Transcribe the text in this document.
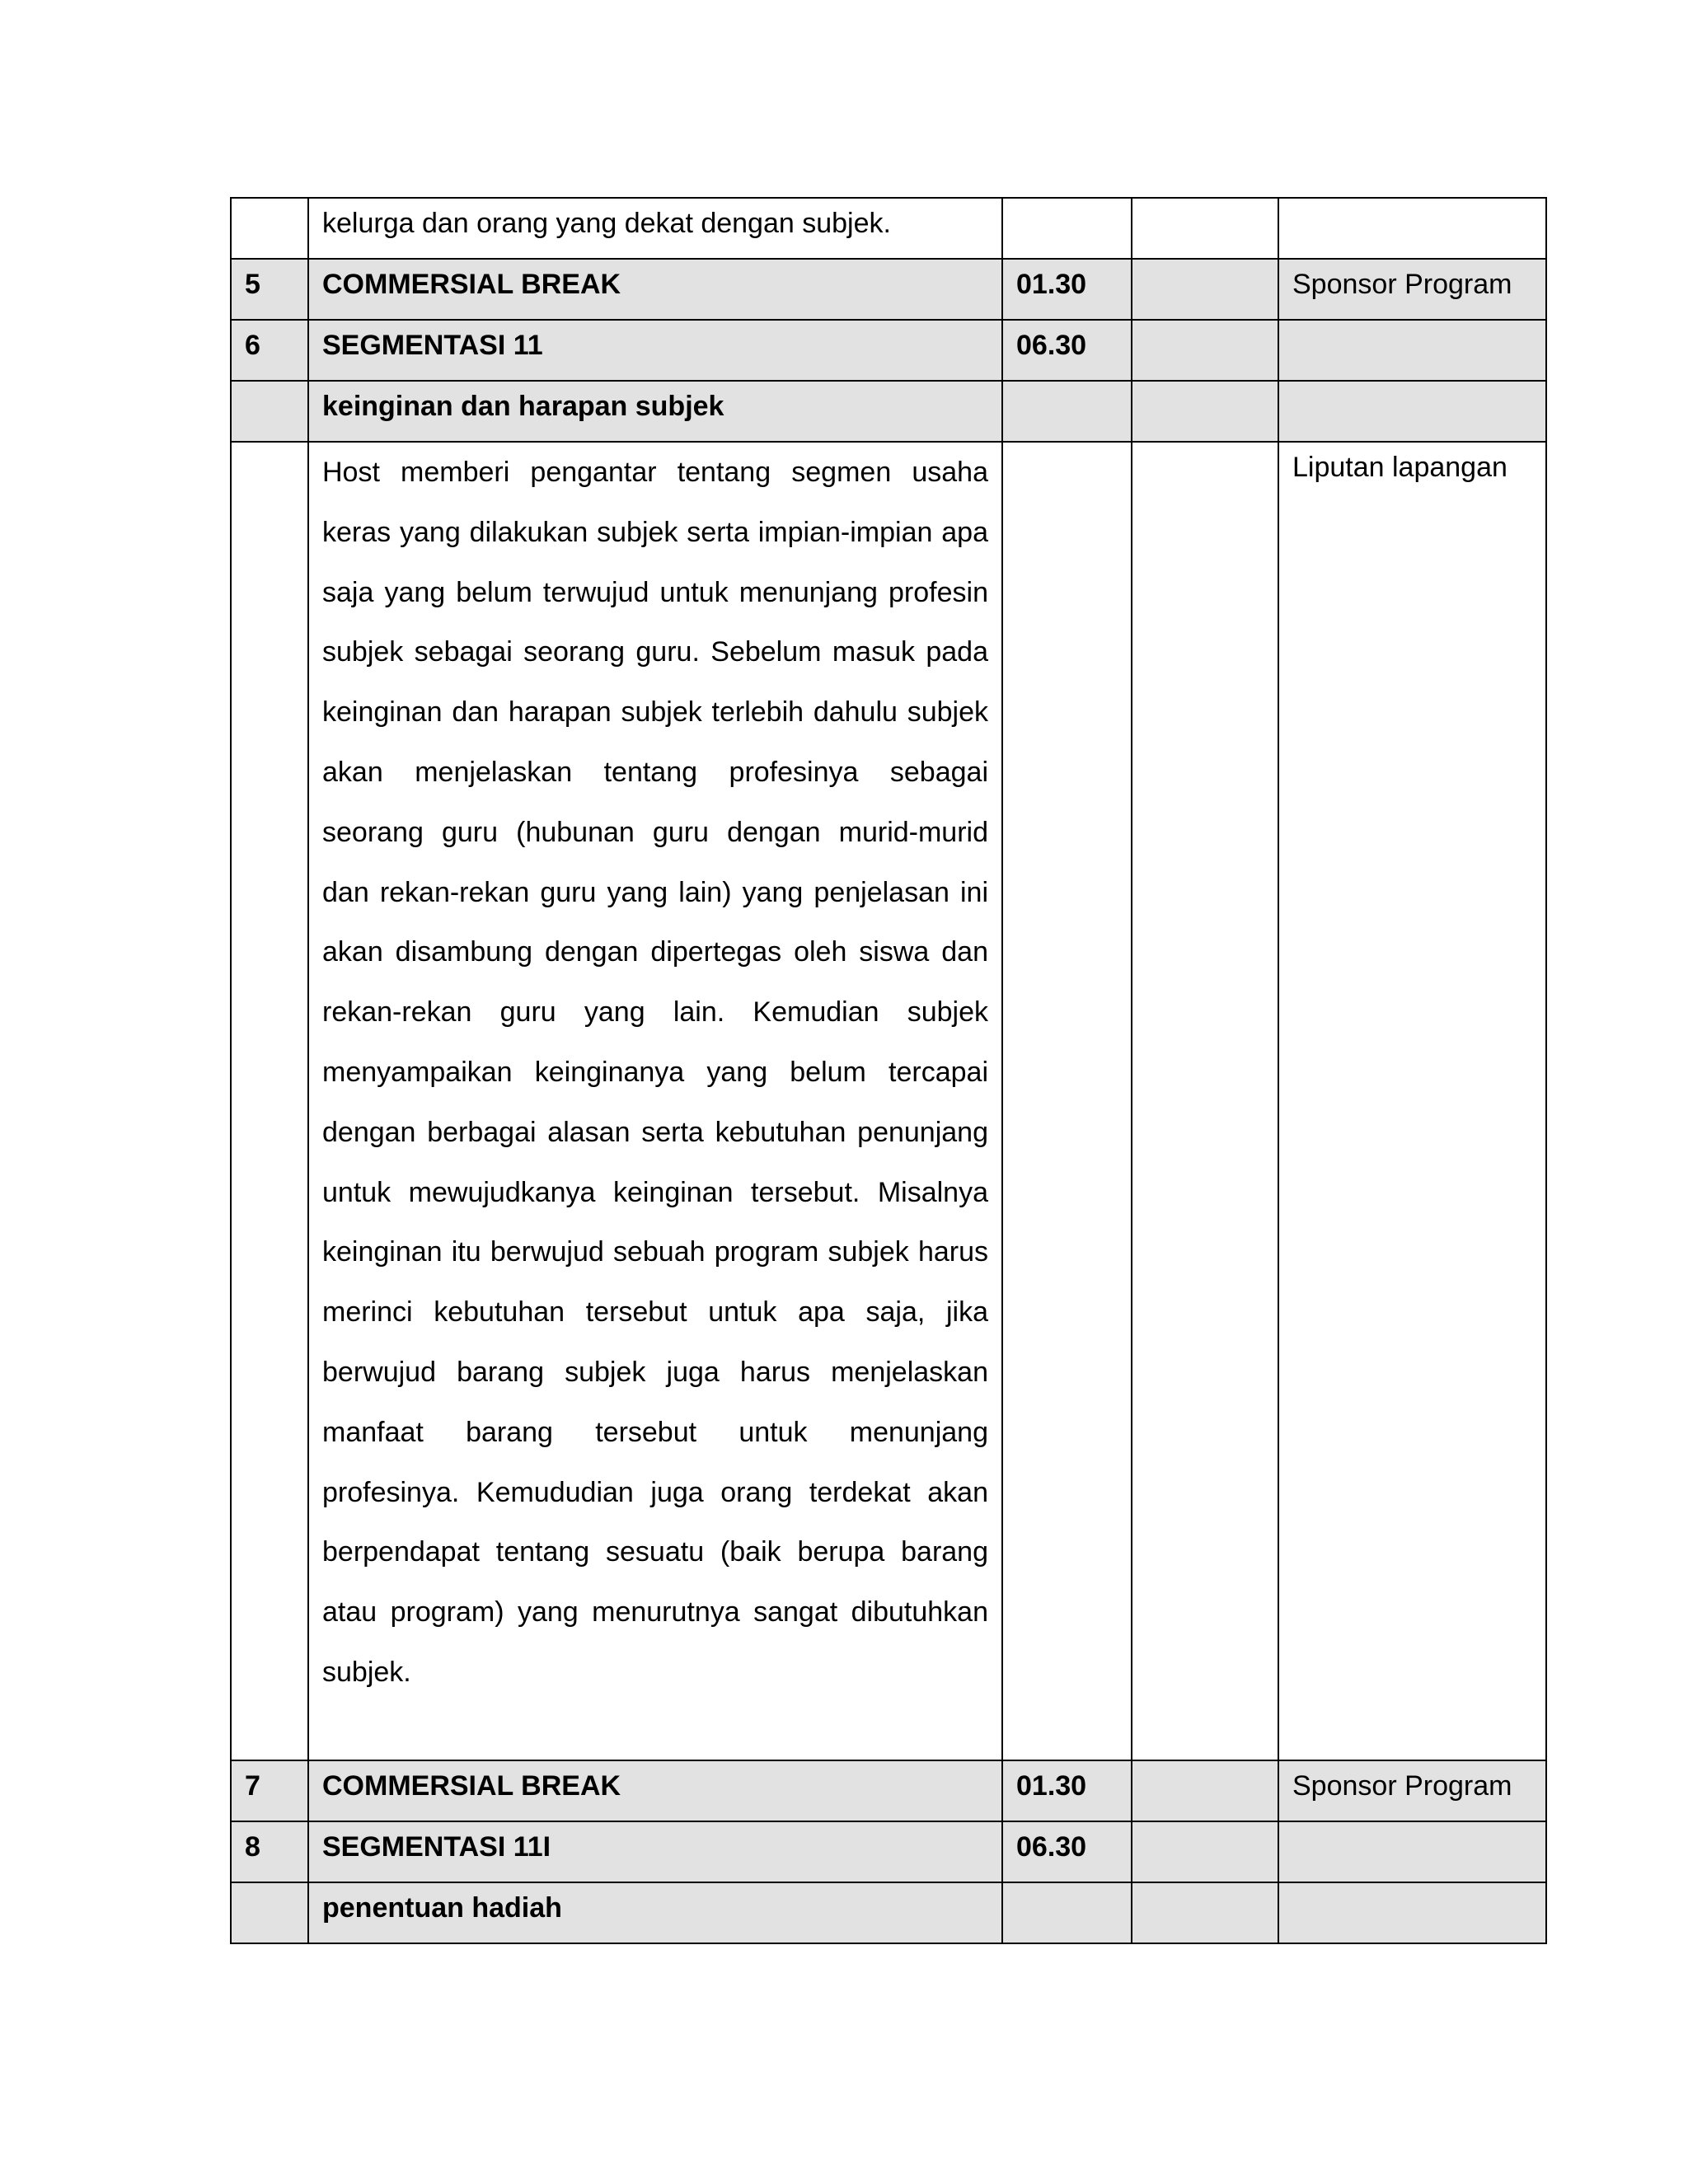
	kelurga dan orang yang dekat dengan subjek.			
5	COMMERSIAL BREAK	01.30		Sponsor Program
6	SEGMENTASI 11	06.30		
	keinginan dan harapan subjek			
	Host memberi pengantar tentang segmen usaha keras yang dilakukan subjek serta impian-impian apa saja yang belum terwujud untuk menunjang profesin subjek sebagai seorang guru. Sebelum masuk pada keinginan dan harapan subjek terlebih dahulu subjek akan menjelaskan tentang profesinya sebagai seorang guru (hubunan guru dengan murid-murid dan rekan-rekan guru yang lain) yang penjelasan ini akan disambung dengan dipertegas oleh siswa dan rekan-rekan guru yang lain. Kemudian subjek menyampaikan keinginanya yang belum tercapai dengan berbagai alasan serta kebutuhan penunjang untuk mewujudkanya keinginan tersebut. Misalnya keinginan itu berwujud sebuah program subjek harus merinci kebutuhan tersebut untuk apa saja, jika berwujud barang subjek juga harus menjelaskan manfaat barang tersebut untuk menunjang profesinya. Kemududian juga orang terdekat akan berpendapat tentang sesuatu (baik berupa barang atau program) yang menurutnya sangat dibutuhkan subjek.			Liputan lapangan
7	COMMERSIAL BREAK	01.30		Sponsor Program
8	SEGMENTASI 11I	06.30		
	penentuan hadiah			
